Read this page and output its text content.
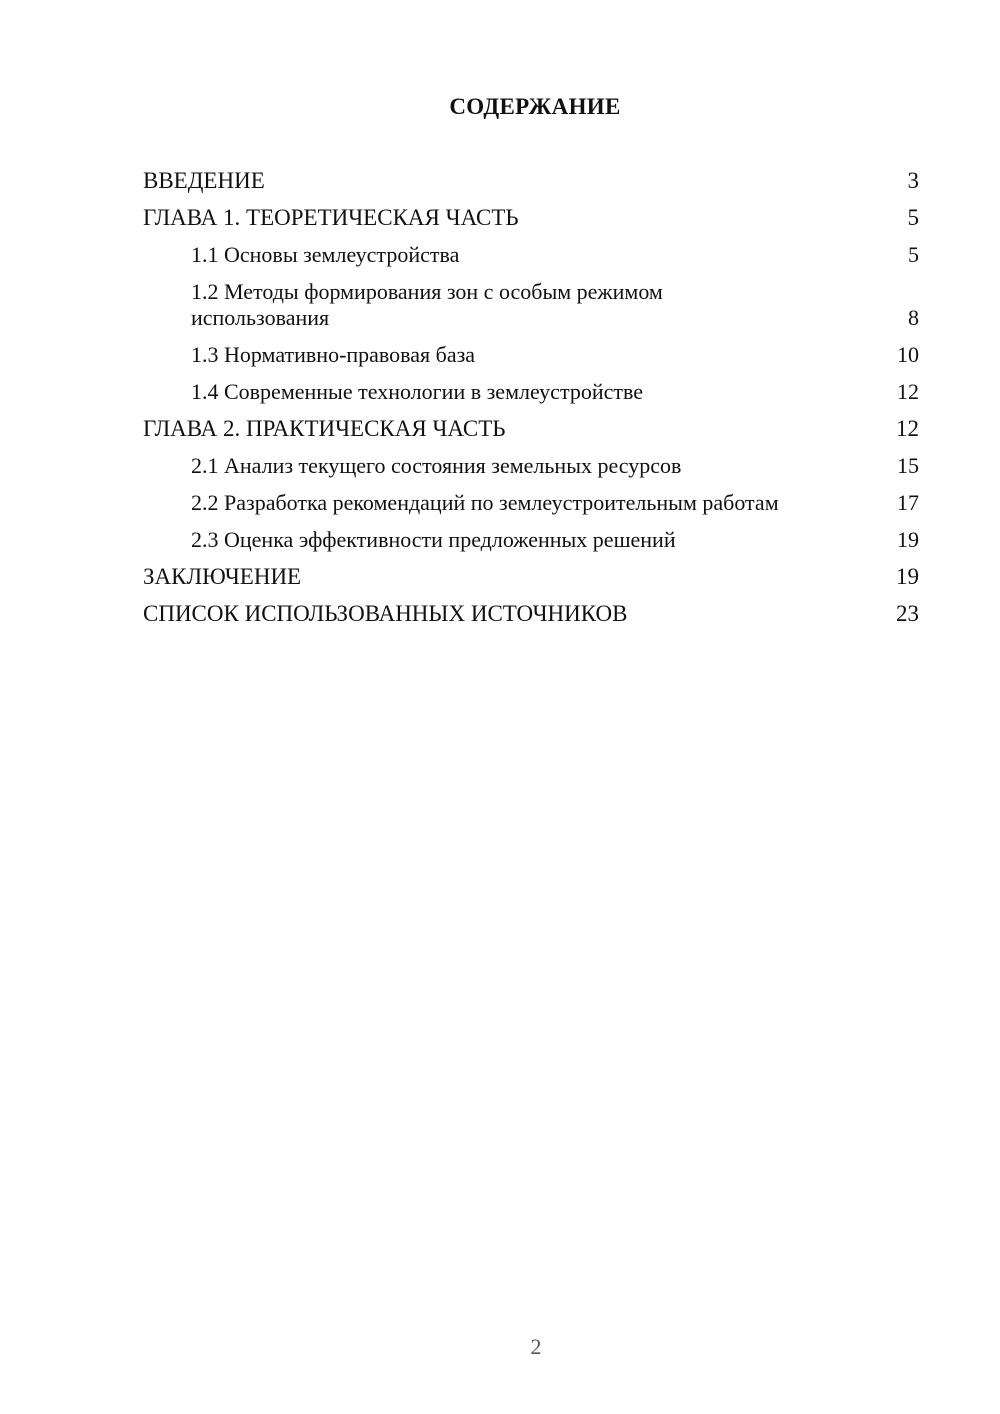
СОДЕРЖАНИЕ
ВВЕДЕНИЕ	3
ГЛАВА 1. ТЕОРЕТИЧЕСКАЯ ЧАСТЬ	5
1.1 Основы землеустройства	5
1.2 Методы формирования зон с особым режимом использования	8
1.3 Нормативно-правовая база	10
1.4 Современные технологии в землеустройстве	12
ГЛАВА 2. ПРАКТИЧЕСКАЯ ЧАСТЬ	12
2.1 Анализ текущего состояния земельных ресурсов	15
2.2 Разработка рекомендаций по землеустроительным работам	17
2.3 Оценка эффективности предложенных решений	19
ЗАКЛЮЧЕНИЕ	19
СПИСОК ИСПОЛЬЗОВАННЫХ ИСТОЧНИКОВ	23
2
